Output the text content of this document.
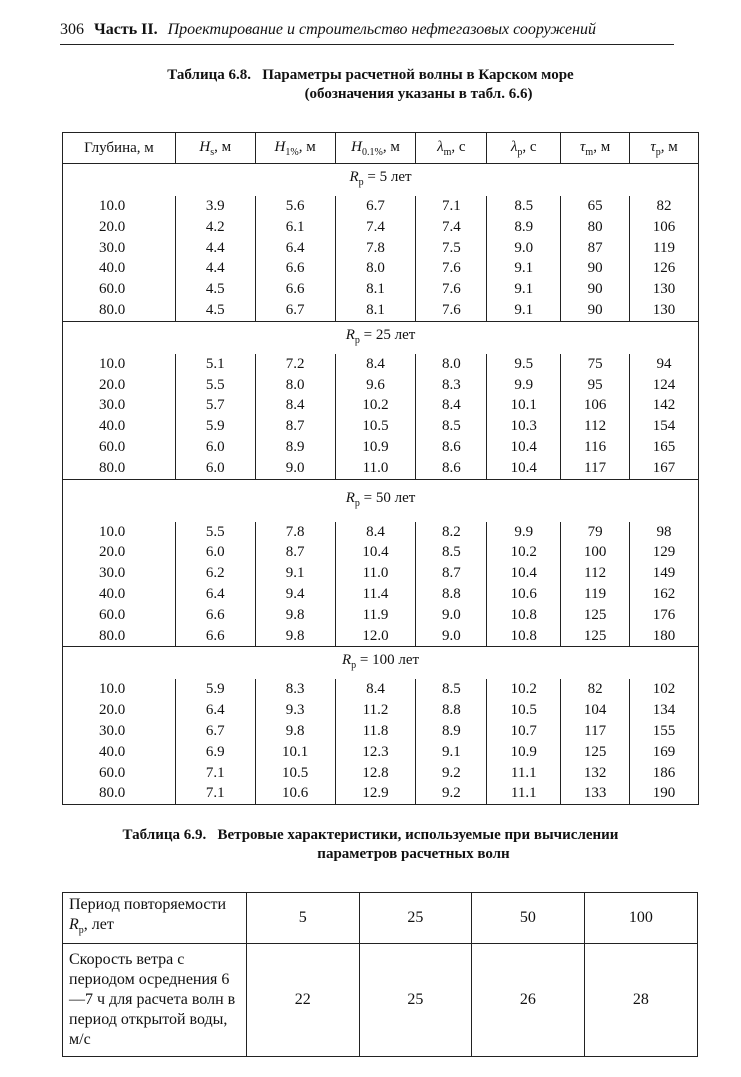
306 Часть II. Проектирование и строительство нефтегазовых сооружений
Таблица 6.8.   Параметры расчетной волны в Карском море
(обозначения указаны в табл. 6.6)
Глубина, м	$H_s$, м	$H_{1\%}$, м	$H_{0.1\%}$, м	$\lambda_m$, с	$\lambda_p$, с	$\tau_m$, м	$\tau_p$, м
$R_р = 5$ лет							
10.0	3.9	5.6	6.7	7.1	8.5	65	82
20.0	4.2	6.1	7.4	7.4	8.9	80	106
30.0	4.4	6.4	7.8	7.5	9.0	87	119
40.0	4.4	6.6	8.0	7.6	9.1	90	126
60.0	4.5	6.6	8.1	7.6	9.1	90	130
80.0	4.5	6.7	8.1	7.6	9.1	90	130
$R_р = 25$ лет							
10.0	5.1	7.2	8.4	8.0	9.5	75	94
20.0	5.5	8.0	9.6	8.3	9.9	95	124
30.0	5.7	8.4	10.2	8.4	10.1	106	142
40.0	5.9	8.7	10.5	8.5	10.3	112	154
60.0	6.0	8.9	10.9	8.6	10.4	116	165
80.0	6.0	9.0	11.0	8.6	10.4	117	167
$R_р = 50$ лет							
10.0	5.5	7.8	8.4	8.2	9.9	79	98
20.0	6.0	8.7	10.4	8.5	10.2	100	129
30.0	6.2	9.1	11.0	8.7	10.4	112	149
40.0	6.4	9.4	11.4	8.8	10.6	119	162
60.0	6.6	9.8	11.9	9.0	10.8	125	176
80.0	6.6	9.8	12.0	9.0	10.8	125	180
$R_р = 100$ лет							
10.0	5.9	8.3	8.4	8.5	10.2	82	102
20.0	6.4	9.3	11.2	8.8	10.5	104	134
30.0	6.7	9.8	11.8	8.9	10.7	117	155
40.0	6.9	10.1	12.3	9.1	10.9	125	169
60.0	7.1	10.5	12.8	9.2	11.1	132	186
80.0	7.1	10.6	12.9	9.2	11.1	133	190
Таблица 6.9.   Ветровые характеристики, используемые при вычислении
параметров расчетных волн
Период повторяемости $R_р$, лет	5	25	50	100
Скорость ветра с периодом осреднения 6—7 ч для расчета волн в период открытой воды, м/с	22	25	26	28
